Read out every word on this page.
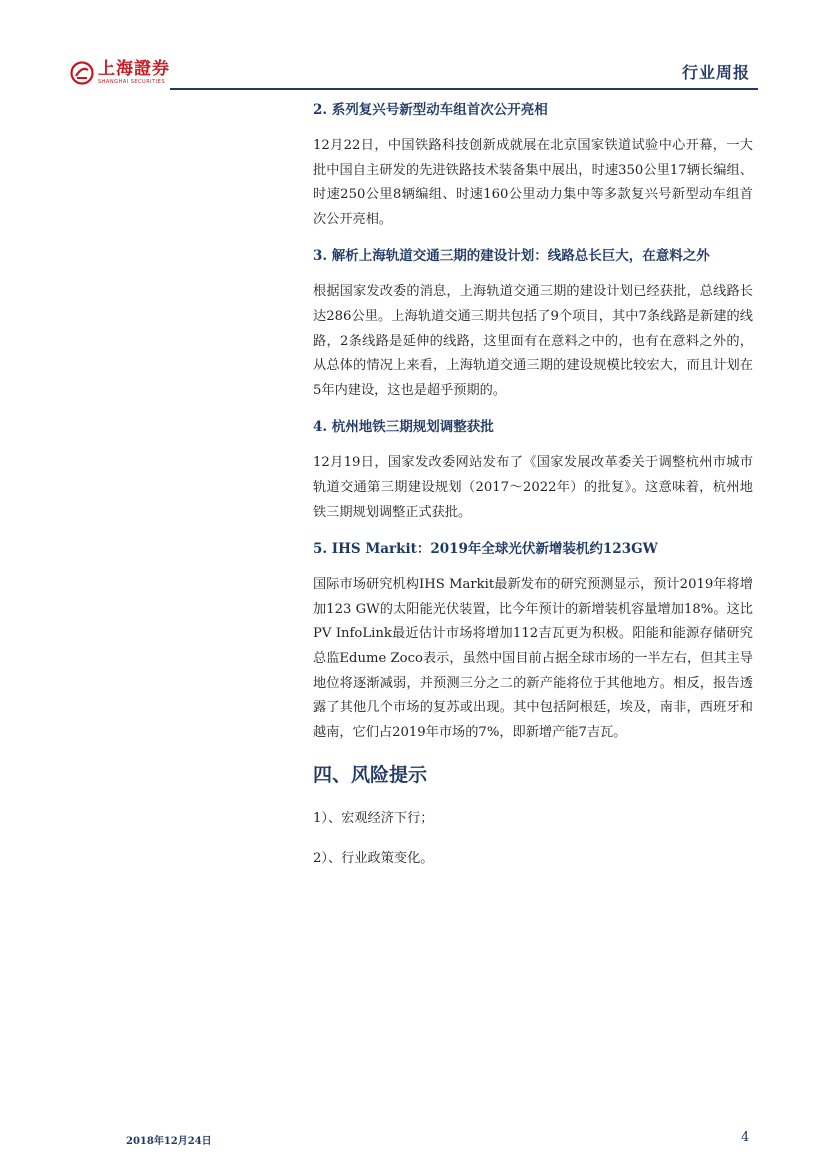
上海證券
SHANGHAI SECURITIES	行业周报
2. 系列复兴号新型动车组首次公开亮相

12月22日，中国铁路科技创新成就展在北京国家铁道试验中心开幕，一大批中国自主研发的先进铁路技术装备集中展出，时速350公里17辆长编组、时速250公里8辆编组、时速160公里动力集中等多款复兴号新型动车组首次公开亮相。

3. 解析上海轨道交通三期的建设计划：线路总长巨大，在意料之外

根据国家发改委的消息，上海轨道交通三期的建设计划已经获批，总线路长达286公里。上海轨道交通三期共包括了9个项目，其中7条线路是新建的线路，2条线路是延伸的线路，这里面有在意料之中的，也有在意料之外的，从总体的情况上来看，上海轨道交通三期的建设规模比较宏大，而且计划在5年内建设，这也是超乎预期的。

4. 杭州地铁三期规划调整获批

12月19日，国家发改委网站发布了《国家发展改革委关于调整杭州市城市轨道交通第三期建设规划（2017～2022年）的批复》。这意味着，杭州地铁三期规划调整正式获批。

5. IHS Markit：2019年全球光伏新增装机约123GW

国际市场研究机构IHS Markit最新发布的研究预测显示，预计2019年将增加123 GW的太阳能光伏装置，比今年预计的新增装机容量增加18%。这比PV InfoLink最近估计市场将增加112吉瓦更为积极。阳能和能源存储研究总监Edume Zoco表示，虽然中国目前占据全球市场的一半左右，但其主导地位将逐渐减弱，并预测三分之二的新产能将位于其他地方。相反，报告透露了其他几个市场的复苏或出现。其中包括阿根廷，埃及，南非，西班牙和越南，它们占2019年市场的7%，即新增产能7吉瓦。

四、风险提示
1）、宏观经济下行；
2）、行业政策变化。
2018年12月24日	4
